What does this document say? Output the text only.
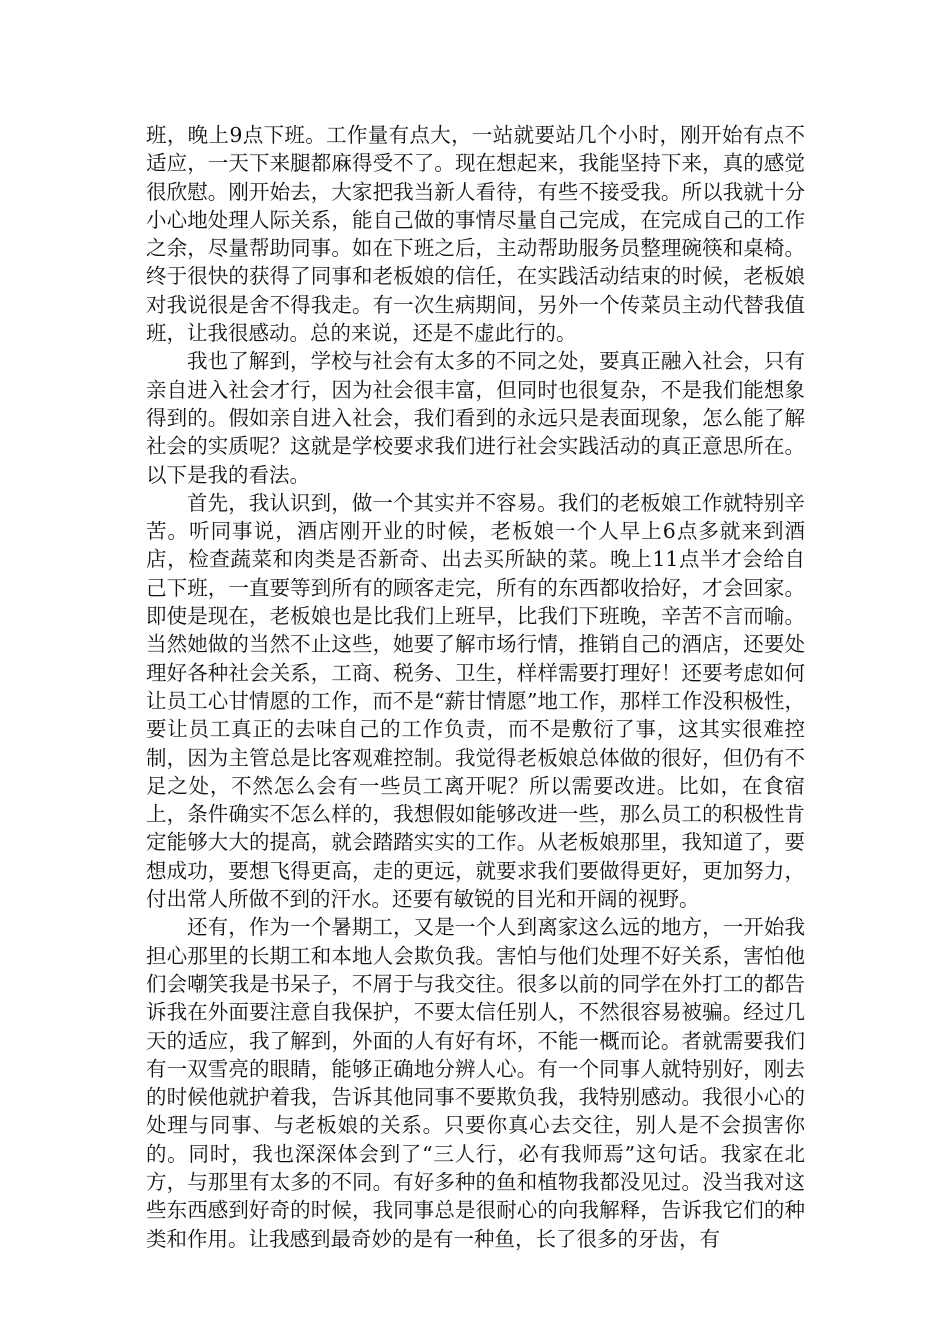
班，晚上9点下班。工作量有点大，一站就要站几个小时，刚开始有点不适应，一天下来腿都麻得受不了。现在想起来，我能坚持下来，真的感觉很欣慰。刚开始去，大家把我当新人看待，有些不接受我。所以我就十分小心地处理人际关系，能自己做的事情尽量自己完成，在完成自己的工作之余，尽量帮助同事。如在下班之后，主动帮助服务员整理碗筷和桌椅。终于很快的获得了同事和老板娘的信任，在实践活动结束的时候，老板娘对我说很是舍不得我走。有一次生病期间，另外一个传菜员主动代替我值班，让我很感动。总的来说，还是不虚此行的。

我也了解到，学校与社会有太多的不同之处，要真正融入社会，只有亲自进入社会才行，因为社会很丰富，但同时也很复杂，不是我们能想象得到的。假如亲自进入社会，我们看到的永远只是表面现象，怎么能了解社会的实质呢？这就是学校要求我们进行社会实践活动的真正意思所在。以下是我的看法。

首先，我认识到，做一个其实并不容易。我们的老板娘工作就特别辛苦。听同事说，酒店刚开业的时候，老板娘一个人早上6点多就来到酒店，检查蔬菜和肉类是否新奇、出去买所缺的菜。晚上11点半才会给自己下班，一直要等到所有的顾客走完，所有的东西都收拾好，才会回家。即使是现在，老板娘也是比我们上班早，比我们下班晚，辛苦不言而喻。当然她做的当然不止这些，她要了解市场行情，推销自己的酒店，还要处理好各种社会关系，工商、税务、卫生，样样需要打理好！还要考虑如何让员工心甘情愿的工作，而不是“薪甘情愿”地工作，那样工作没积极性，要让员工真正的去味自己的工作负责，而不是敷衍了事，这其实很难控制，因为主管总是比客观难控制。我觉得老板娘总体做的很好，但仍有不足之处，不然怎么会有一些员工离开呢？所以需要改进。比如，在食宿上，条件确实不怎么样的，我想假如能够改进一些，那么员工的积极性肯定能够大大的提高，就会踏踏实实的工作。从老板娘那里，我知道了，要想成功，要想飞得更高，走的更远，就要求我们要做得更好，更加努力，付出常人所做不到的汗水。还要有敏锐的目光和开阔的视野。

还有，作为一个暑期工，又是一个人到离家这么远的地方，一开始我担心那里的长期工和本地人会欺负我。害怕与他们处理不好关系，害怕他们会嘲笑我是书呆子，不屑于与我交往。很多以前的同学在外打工的都告诉我在外面要注意自我保护，不要太信任别人，不然很容易被骗。经过几天的适应，我了解到，外面的人有好有坏，不能一概而论。者就需要我们有一双雪亮的眼睛，能够正确地分辨人心。有一个同事人就特别好，刚去的时候他就护着我，告诉其他同事不要欺负我，我特别感动。我很小心的处理与同事、与老板娘的关系。只要你真心去交往，别人是不会损害你的。同时，我也深深体会到了“三人行，必有我师焉”这句话。我家在北方，与那里有太多的不同。有好多种的鱼和植物我都没见过。没当我对这些东西感到好奇的时候，我同事总是很耐心的向我解释，告诉我它们的种类和作用。让我感到最奇妙的是有一种鱼，长了很多的牙齿，有
